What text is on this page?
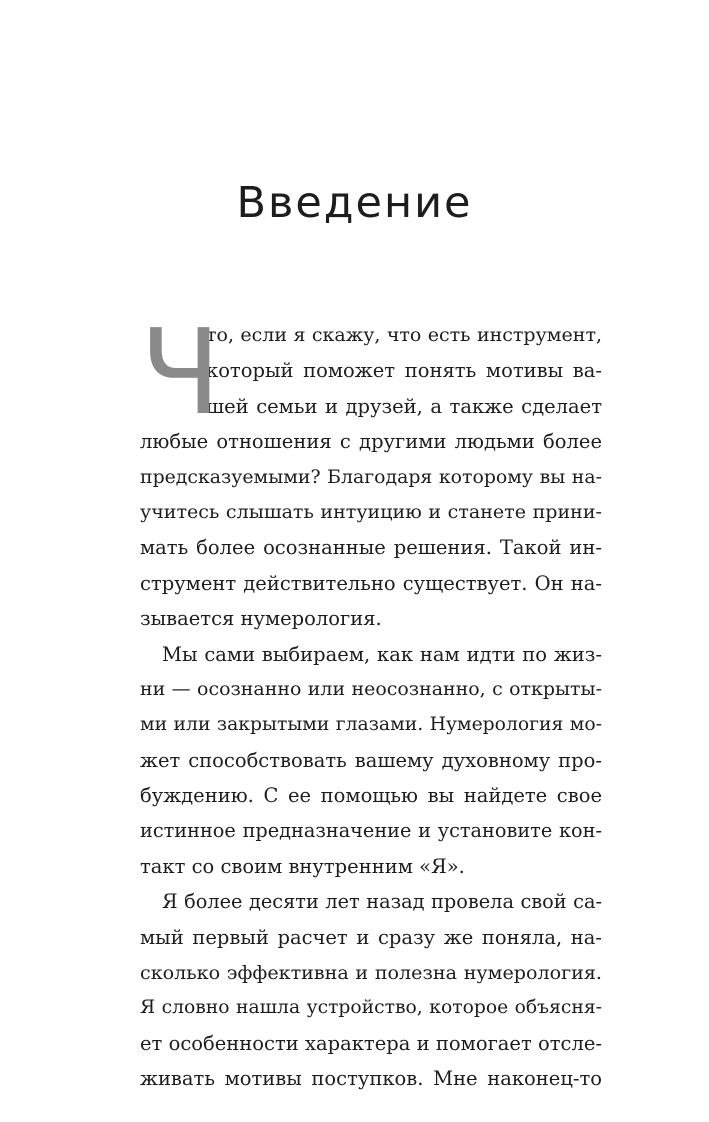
Введение
Ч
то, если я скажу, что есть инструмент,
который поможет понять мотивы ва-
шей семьи и друзей, а также сделает
любые отношения с другими людьми более
предсказуемыми? Благодаря которому вы на-
учитесь слышать интуицию и станете прини-
мать более осознанные решения. Такой ин-
струмент действительно существует. Он на-
зывается нумерология.
Мы сами выбираем, как нам идти по жиз-
ни — осознанно или неосознанно, с открыты-
ми или закрытыми глазами. Нумерология мо-
жет способствовать вашему духовному про-
буждению. С ее помощью вы найдете свое
истинное предназначение и установите кон-
такт со своим внутренним «Я».
Я более десяти лет назад провела свой са-
мый первый расчет и сразу же поняла, на-
сколько эффективна и полезна нумерология.
Я словно нашла устройство, которое объясня-
ет особенности характера и помогает отсле-
живать мотивы поступков. Мне наконец-то
